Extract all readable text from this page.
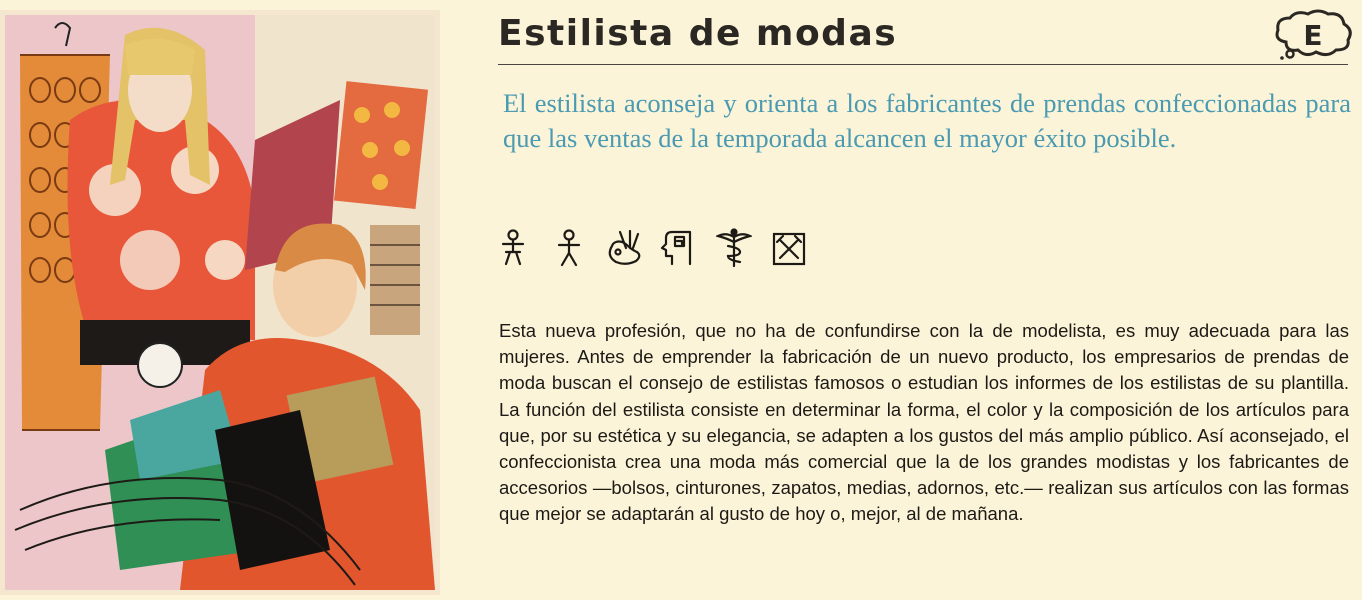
Estilista de modas	E

El estilista aconseja y orienta a los fabricantes de prendas confeccionadas para que las ventas de la temporada alcancen el mayor éxito posible.

Esta nueva profesión, que no ha de confundirse con la de modelista, es muy adecuada para las mujeres. Antes de emprender la fabricación de un nuevo producto, los empresarios de prendas de moda buscan el consejo de estilistas famosos o estudian los informes de los estilistas de su plantilla. La función del estilista consiste en determinar la forma, el color y la composición de los artículos para que, por su estética y su elegancia, se adapten a los gustos del más amplio público. Así aconsejado, el confeccionista crea una moda más comercial que la de los grandes modistas y los fabricantes de accesorios —bolsos, cinturones, zapatos, medias, adornos, etc.— realizan sus artículos con las formas que mejor se adaptarán al gusto de hoy o, mejor, al de mañana.
